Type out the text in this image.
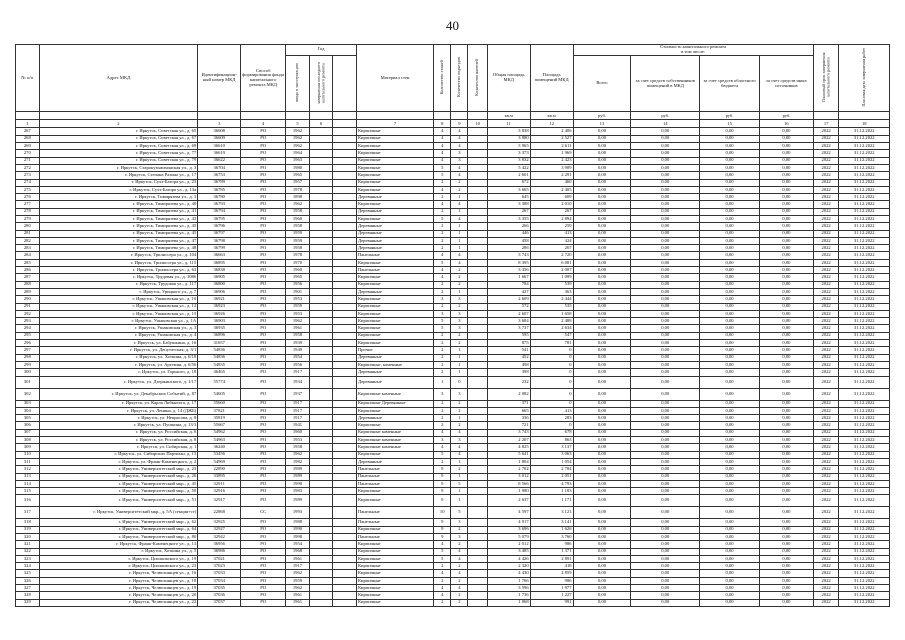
40
№ п/п	Адрес МКД	Идентификационный номер МКД	Способ формирования фонда капитального ремонта МКД	Год			Материал стен	Количество этажей	Количество подъездов	Количество жителей	Общая площадь МКД	Площадь помещений МКД	Стоимость капитального ремонта
в том числе:				Плановый срок завершения капитального ремонта	Плановая дата завершения работ
				ввода в эксплуатацию	завершения последнего капитального ремонта								Всего	за счет средств собственников помещений в МКД	за счет средств областного бюджета	за счет средств иных источников		
											кв.м	кв.м	руб.	руб.	руб.	руб.		
1	2	3	4	5	6		7	8	9	10	11	12	13	14	15	16	17	18
267	г. Иркутск, Советская ул., д. 65	36608	РО	1962			Кирпичные	4	4		3 838	2 406	0,00	0,00	0,00	0,00	2022	31.12.2022
268	г. Иркутск, Советская ул., д. 67	36609	РО	1962			Кирпичные	4	4		3 880	2 527	0,00	0,00	0,00	0,00	2022	31.12.2022
269	г. Иркутск, Советская ул., д. 69	36610	РО	1962			Кирпичные	4	4		3 965	2 611	0,00	0,00	0,00	0,00	2022	31.12.2022
270	г. Иркутск, Советская ул., д. 77	36619	РО	1964			Кирпичные	4	3		3 373	1 969	0,00	0,00	0,00	0,00	2022	31.12.2022
271	г. Иркутск, Советская ул., д. 79	36622	РО	1963			Кирпичные	4	3		3 832	2 423	0,00	0,00	0,00	0,00	2022	31.12.2022
272	г. Иркутск, Старокузьмихинская ул., д. 3	36704	РО	1980			Кирпичные	5	4		5 422	3 909	0,00	0,00	0,00	0,00	2022	31.12.2022
273	г. Иркутск, Степана Разина ул., д. 17	36753	РО	1965			Кирпичные	5	4		2 601	2 291	0,00	0,00	0,00	0,00	2022	31.12.2022
274	г. Иркутск, Сухэ-Батора ул., д. 23	36789	РО	1957			Кирпичные	2	2		672	460	0,00	0,00	0,00	0,00	2022	31.12.2022
275	г. Иркутск, Сухэ-Батора ул., д. 13а	36785	РО	1978			Кирпичные	4	2		3 665	2 405	0,00	0,00	0,00	0,00	2022	31.12.2022
276	г. Иркутск, Тимирязева ул., д. 3	36780	РО	1898			Деревянные	2	1		645	609	0,00	0,00	0,00	0,00	2022	31.12.2022
277	г. Иркутск, Тимирязева ул., д. 40	36793	РО	1962			Кирпичные	4	4		3 388	2 010	0,00	0,00	0,00	0,00	2022	31.12.2022
278	г. Иркутск, Тимирязева ул., д. 41	36794	РО	1958			Деревянные	2	1		267	267	0,00	0,00	0,00	0,00	2022	31.12.2022
279	г. Иркутск, Тимирязева ул., д. 43	36795	РО	1960			Кирпичные	5	4		3 355	2 894	0,00	0,00	0,00	0,00	2022	31.12.2022
280	г. Иркутск, Тимирязева ул., д. 45	36796	РО	1958			Деревянные	2	1		266	259	0,00	0,00	0,00	0,00	2022	31.12.2022
281	г. Иркутск, Тимирязева ул., д. 45	36797	РО	1959			Деревянные	2	1		446	413	0,00	0,00	0,00	0,00	2022	31.12.2022
282	г. Иркутск, Тимирязева ул., д. 47	36798	РО	1959			Деревянные	2	1		458	424	0,00	0,00	0,00	0,00	2022	31.12.2022
283	г. Иркутск, Тимирязева ул., д. 48	36799	РО	1958			Деревянные	2	1		286	267	0,00	0,00	0,00	0,00	2022	31.12.2022
284	г. Иркутск, Трилиссера ул., д. 104	36663	РО	1978			Панельные	4	4		3 743	2 720	0,00	0,00	0,00	0,00	2022	31.12.2022
285	г. Иркутск, Трилиссера ул., д. 115	36895	РО	1970			Кирпичные	5	4		8 395	6 081	0,00	0,00	0,00	0,00	2022	31.12.2022
286	г. Иркутск, Трилиссера ул., д. 63	36838	РО	1960			Панельные	4	2		3 356	2 007	0,00	0,00	0,00	0,00	2022	31.12.2022
287	г. Иркутск, Трудовая ул., д. 108б	36905	РО	1965			Кирпичные	4	2		1 667	1 099	0,00	0,00	0,00	0,00	2022	31.12.2022
288	г. Иркутск, Трудовая ул., д. 117	36800	РО	1956			Кирпичные	2	2		784	539	0,00	0,00	0,00	0,00	2022	31.12.2022
289	г. Иркутск, Урицкого ул., д. 7	36906	РО	1901			Деревянные	2	1		427	363	0,00	0,00	0,00	0,00	2022	31.12.2022
290	г. Иркутск, Ушаковская ул., д. 10	36921	РО	1953			Кирпичные	3	3		2 609	2 444	0,00	0,00	0,00	0,00	2022	31.12.2022
291	г. Иркутск, Ушаковская ул., д. 12	36923	РО	1959			Кирпичные	2	2		572	535	0,00	0,00	0,00	0,00	2022	31.12.2022
292	г. Иркутск, Ушаковская ул., д. 15	36926	РО	1953			Кирпичные	3	3		2 607	1 658	0,00	0,00	0,00	0,00	2022	31.12.2022
293	г. Иркутск, Ушаковская ул., д. 1А	36903	РО	1962			Кирпичные	5	3		3 684	2 488	0,00	0,00	0,00	0,00	2022	31.12.2022
294	г. Иркутск, Ушаковская ул., д. 3	36935	РО	1961			Кирпичные	5	3		3 737	2 634	0,00	0,00	0,00	0,00	2022	31.12.2022
295	г. Иркутск, Ушаковская ул., д. 4	36896	РО	1958			Кирпичные	2	2		595	547	0,00	0,00	0,00	0,00	2022	31.12.2022
296	г. Иркутск, ул. Бабушкина, д. 16	31657	РО	1939			Кирпичные	2	2		875	781	0,00	0,00	0,00	0,00	2022	31.12.2022
297	г. Иркутск, ул. Депутатская, д. 3/1	54836	РО	1949			Прочие	2	1		541	0	0,00	0,00	0,00	0,00	2022	31.12.2022
298	г. Иркутск, ул. Хоткина, д. 6/18	54836	РО	1954			Деревянные	2	1		452	0	0,00	0,00	0,00	0,00	2022	31.12.2022
299	г. Иркутск, ул. Артемия, д. 6/56	54835	РО	1956			Кирпичные, каменные	2	1		498	0	0,00	0,00	0,00	0,00	2022	31.12.2022
300	г. Иркутск, ул. Горького, д. 18	46465	РО	1917			Деревянные	2	1		398	0	0,00	0,00	0,00	0,00	2022	31.12.2022
301	г. Иркутск, ул. Дзержинского, д. 1/17	55774	РО	1934			Деревянные	1	0		232	0	0,00	0,00	0,00	0,00	2022	31.12.2022
302	г. Иркутск, ул. Декабрьских Событий, д. 87	54605	РО	1937			Кирпичные каменные	3	3		2 082	0	0,00	0,00	0,00	0,00	2022	31.12.2022
303	г. Иркутск, ул. Карла Либкнехта, д. 17	55660	РО	1917			Кирпичные Деревянные	2	2		371	0	0,00	0,00	0,00	0,00	2022	31.12.2022
304	г. Иркутск, ул. Ленина, д. 14 (ДЖБ)	37821	РО	1917			Кирпичные	2	2		665	413	0,00	0,00	0,00	0,00	2022	31.12.2022
305	г. Иркутск, ул. Некрасова, д. 8	35819	РО	1917			Деревянные	2	1		336	283	0,00	0,00	0,00	0,00	2022	31.12.2022
306	г. Иркутск, ул. Пушкина, д. 13/3	55667	РО	1941			Кирпичные	2	2		721	0	0,00	0,00	0,00	0,00	2022	31.12.2022
307	г. Иркутск, ул. Российская, д. 6	54962	РО	1960			Кирпичные каменные	4	4		3 743	678	0,00	0,00	0,00	0,00	2022	31.12.2022
308	г. Иркутск, ул. Российская, д. 8	54963	РО	1953			Кирпичные каменные	3	3		2 207	863	0,00	0,00	0,00	0,00	2022	31.12.2022
309	г. Иркутск, ул. Сибирская, д. 1	36240	РО	1958			Кирпичные каменные	4	4		4 825	3 137	0,00	0,00	0,00	0,00	2022	31.12.2022
310	г. Иркутск, ул. Сибирских Партизан, д. 15	53456	РО	1962			Кирпичные	5	4		5 641	3 063	0,00	0,00	0,00	0,00	2022	31.12.2022
311	г. Иркутск, ул. Франк-Каменецкого, д. 2	54969	РО	1982			Деревянные	2	1		1 804	1 054	0,00	0,00	0,00	0,00	2022	31.12.2022
312	г. Иркутск, Университетский мкр., д. 23	22890	РО	1989			Панельные	9	2		2 702	2 784	0,00	0,00	0,00	0,00	2022	31.12.2022
313	г. Иркутск, Университетский мкр., д. 26	33895	РО	1989			Панельные	9	1		3 012	2 051	0,00	0,00	0,00	0,00	2022	31.12.2022
314	г. Иркутск, Университетский мкр., д. 45	32911	РО	1990			Панельные	9	5		8 566	4 793	0,00	0,00	0,00	0,00	2022	31.12.2022
315	г. Иркутск, Университетский мкр., д. 50	32916	РО	1983			Кирпичные	9	1		1 980	1 183	0,00	0,00	0,00	0,00	2022	31.12.2022
316	г. Иркутск, Университетский мкр., д. 51	32917	РО	1989			Кирпичные	9	1		2 637	1 171	0,00	0,00	0,00	0,00	2022	31.12.2022
317	г. Иркутск, Университетский мкр., д. 5А (секция+ст)	22868	СС	1993			Панельные	10	5		4 597	3 121	0,00	0,00	0,00	0,00	2022	31.12.2022
318	г. Иркутск, Университетский мкр., д. 62	32925	РО	1988			Панельные	9	3		4 917	3 141	0,00	0,00	0,00	0,00	2022	31.12.2022
319	г. Иркутск, Университетский мкр., д. 64	32927	РО	1990			Кирпичные	9	2		3 696	1 626	0,00	0,00	0,00	0,00	2022	31.12.2022
320	г. Иркутск, Университетский мкр., д. 80	32942	РО	1998			Панельные	9	3		5 079	3 760	0,00	0,00	0,00	0,00	2022	31.12.2022
321	г. Иркутск, Франк-Каменецкого ул., д. 13	36956	РО	1954			Кирпичные	4	2		2 012	986	0,00	0,00	0,00	0,00	2022	31.12.2022
322	г. Иркутск, Хоткина ул., д. 5	36986	РО	1968			Кирпичные	5	4		3 485	1 371	0,00	0,00	0,00	0,00	2022	31.12.2022
323	г. Иркутск, Циолковского ул., д. 19	37021	РО	1961			Кирпичные	5	4		4 426	2 891	0,00	0,00	0,00	0,00	2022	31.12.2022
324	г. Иркутск, Циолковского ул., д. 23	37023	РО	1917			Кирпичные	2	2		2 320	418	0,00	0,00	0,00	0,00	2022	31.12.2022
325	г. Иркутск, Челюскинцев ул., д. 16	37033	РО	1962			Кирпичные	4	4		4 430	2 859	0,00	0,00	0,00	0,00	2022	31.12.2022
326	г. Иркутск, Челюскинцев ул., д. 18	37034	РО	1959			Кирпичные	2	2		1 766	986	0,00	0,00	0,00	0,00	2022	31.12.2022
327	г. Иркутск, Челюскинцев ул., д. 19	37035	РО	1962			Кирпичные	4	4		3 596	1 977	0,00	0,00	0,00	0,00	2022	31.12.2022
328	г. Иркутск, Челюскинцев ул., д. 20	37036	РО	1961			Кирпичные	4	2		1 736	1 227	0,00	0,00	0,00	0,00	2022	31.12.2022
329	г. Иркутск, Челюскинцев ул., д. 22	37037	РО	1961			Кирпичные	2	2		1 068	991	0,00	0,00	0,00	0,00	2022	31.12.2022
